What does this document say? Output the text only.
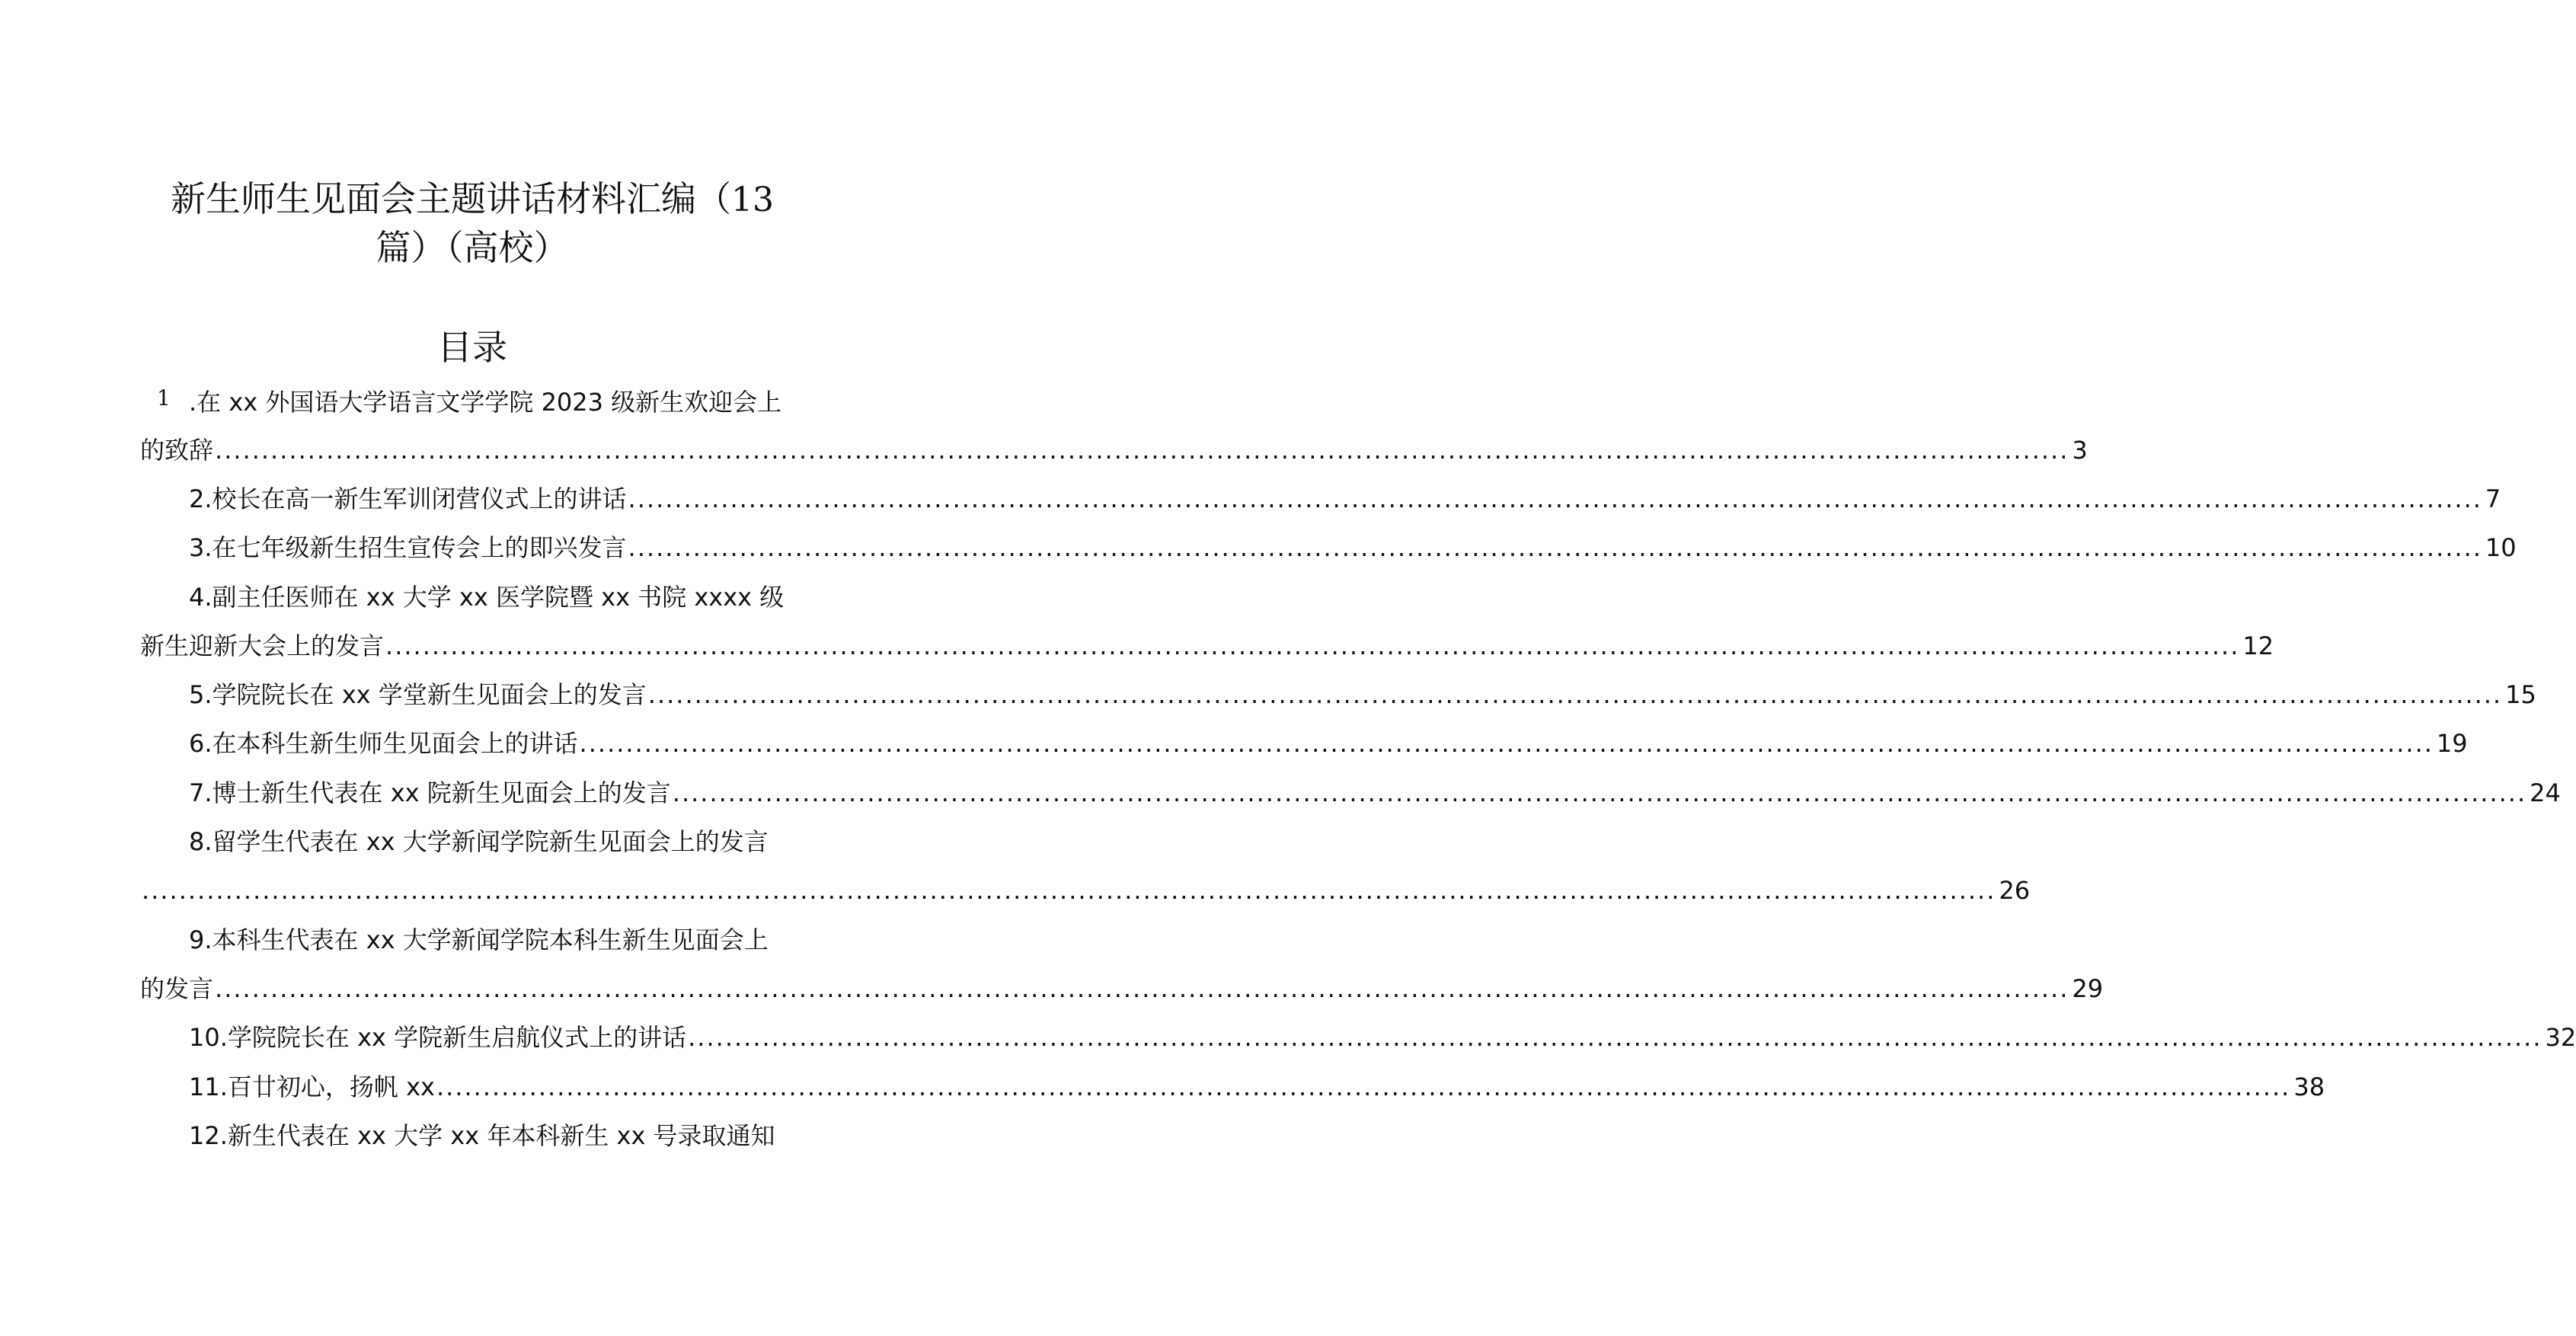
新生师生见面会主题讲话材料汇编（13
篇）（高校）
目录
1 .在 xx 外国语大学语言文学学院 2023 级新生欢迎会上
的致辞 ........................................................................................................................................................................................................ 3
2.校长在高一新生军训闭营仪式上的讲话 ........................................................................................................................................................................................................ 7
3.在七年级新生招生宣传会上的即兴发言 ........................................................................................................................................................................................................ 10
4.副主任医师在 xx 大学 xx 医学院暨 xx 书院 xxxx 级
新生迎新大会上的发言 ........................................................................................................................................................................................................ 12
5.学院院长在 xx 学堂新生见面会上的发言 ........................................................................................................................................................................................................ 15
6.在本科生新生师生见面会上的讲话 ........................................................................................................................................................................................................ 19
7.博士新生代表在 xx 院新生见面会上的发言 ........................................................................................................................................................................................................ 24
8.留学生代表在 xx 大学新闻学院新生见面会上的发言
........................................................................................................................................................................................................ 26
9.本科生代表在 xx 大学新闻学院本科生新生见面会上
的发言 ........................................................................................................................................................................................................ 29
10.学院院长在 xx 学院新生启航仪式上的讲话 ........................................................................................................................................................................................................ 32
11.百廿初心，扬帆 xx ........................................................................................................................................................................................................ 38
12.新生代表在 xx 大学 xx 年本科新生 xx 号录取通知
